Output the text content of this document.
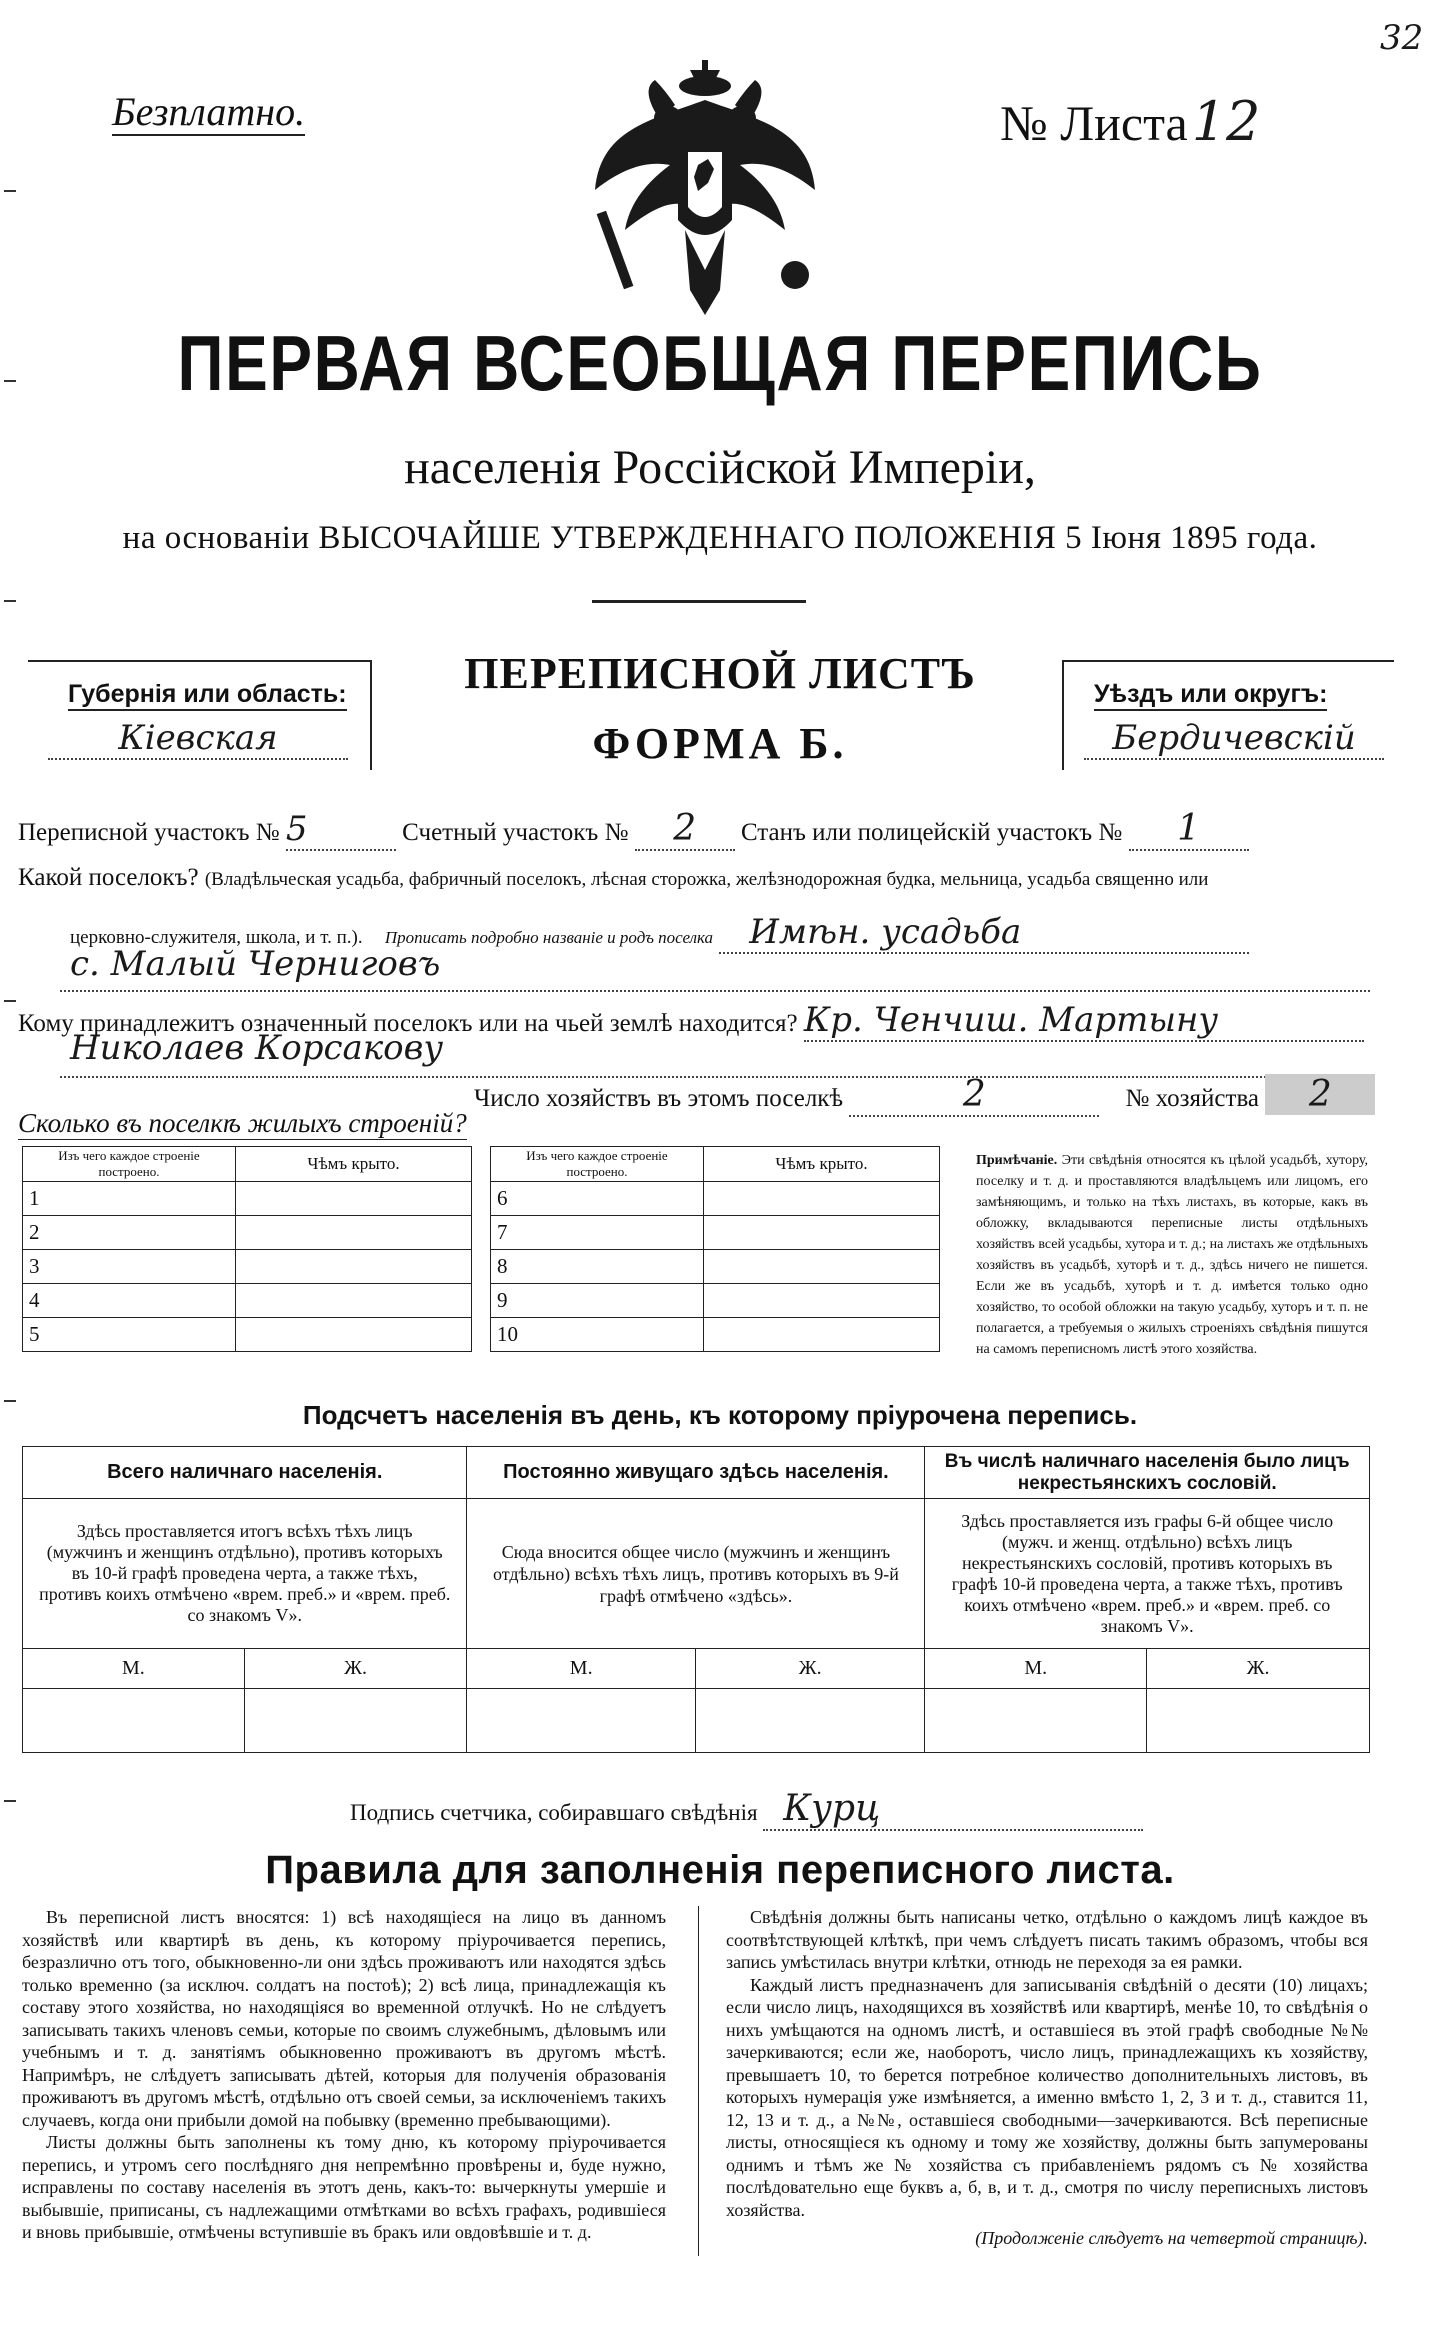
Безплатно.	№ Листа12
32
ПЕРВАЯ ВСЕОБЩАЯ ПЕРЕПИСЬ
населенія Россійской Имперіи,
на основаніи ВЫСОЧАЙШЕ УТВЕРЖДЕННАГО ПОЛОЖЕНІЯ 5 Іюня 1895 года.
Губернія или область:
Кіевская
ПЕРЕПИСНОЙ ЛИСТЪ
ФОРМА Б.
Уѣздъ или округъ:
Бердичевскій
Переписной участокъ № 5	Счетный участокъ № 2 Станъ или полицейскій участокъ № 1
Какой поселокъ? (Владѣльческая усадьба, фабричный поселокъ, лѣсная сторожка, желѣзнодорожная будка, мельница, усадьба священно или
церковно-служителя, школа, и т. п.). Прописать подробно названіе и родъ поселка Имѣн. усадьба
с. Малый Черниговъ
Кому принадлежитъ означенный поселокъ или на чьей землѣ находится? Кр. Ченчиш. Мартыну
Николаев Корсакову
Число хозяйствъ въ этомъ поселкѣ	2	№ хозяйства 2
Сколько въ поселкѣ жилыхъ строеній?
Изъ чего каждое строеніе построено.	Чѣмъ крыто.
1	
2	
3	
4	
5	
Изъ чего каждое строеніе построено.	Чѣмъ крыто.
6	
7	
8	
9	
10	
Примѣчаніе. Эти свѣдѣнія относятся къ цѣлой усадьбѣ, хутору, поселку и т. д. и проставляются владѣльцемъ или лицомъ, его замѣняющимъ, и только на тѣхъ листахъ, въ которые, какъ въ обложку, вкладываются переписные листы отдѣльныхъ хозяйствъ всей усадьбы, хутора и т. д.; на листахъ же отдѣльныхъ хозяйствъ въ усадьбѣ, хуторѣ и т. д., здѣсь ничего не пишется. Если же въ усадьбѣ, хуторѣ и т. д. имѣется только одно хозяйство, то особой обложки на такую усадьбу, хуторъ и т. п. не полагается, а требуемыя о жилыхъ строеніяхъ свѣдѣнія пишутся на самомъ переписномъ листѣ этого хозяйства.
Подсчетъ населенія въ день, къ которому пріурочена перепись.
Всего наличнаго населенія.		Постоянно живущаго здѣсь населенія.		Въ числѣ наличнаго населенія было лицъ некрестьянскихъ сословій.	
Здѣсь проставляется итогъ всѣхъ тѣхъ лицъ (мужчинъ и женщинъ отдѣльно), противъ которыхъ въ 10-й графѣ проведена черта, а также тѣхъ, противъ коихъ отмѣчено «врем. преб.» и «врем. преб. со знакомъ V».		Сюда вносится общее число (мужчинъ и женщинъ отдѣльно) всѣхъ тѣхъ лицъ, противъ которыхъ въ 9-й графѣ отмѣчено «здѣсь».		Здѣсь проставляется изъ графы 6-й общее число (мужч. и женщ. отдѣльно) всѣхъ лицъ некрестьянскихъ сословій, противъ которыхъ въ графѣ 10-й проведена черта, а также тѣхъ, противъ коихъ отмѣчено «врем. преб.» и «врем. преб. со знакомъ V».	
М.	Ж.	М.	Ж.	М.	Ж.

Подпись счетчика, собиравшаго свѣдѣнія Курц
Правила для заполненія переписного листа.
Въ переписной листъ вносятся: 1) всѣ находящіеся на лицо въ данномъ хозяйствѣ или квартирѣ въ день, къ которому пріурочивается перепись, безразлично отъ того, обыкновенно-ли они здѣсь проживаютъ или находятся здѣсь только временно (за исключ. солдатъ на постоѣ); 2) всѣ лица, принадлежащія къ составу этого хозяйства, но находящіяся во временной отлучкѣ. Но не слѣдуетъ записывать такихъ членовъ семьи, которые по своимъ служебнымъ, дѣловымъ или учебнымъ и т. д. занятіямъ обыкновенно проживаютъ въ другомъ мѣстѣ. Напримѣръ, не слѣдуетъ записывать дѣтей, которыя для полученія образованія проживаютъ въ другомъ мѣстѣ, отдѣльно отъ своей семьи, за исключеніемъ такихъ случаевъ, когда они прибыли домой на побывку (временно пребывающими).
Листы должны быть заполнены къ тому дню, къ которому пріурочивается перепись, и утромъ сего послѣдняго дня непремѣнно провѣрены и, буде нужно, исправлены по составу населенія въ этотъ день, какъ-то: вычеркнуты умершіе и выбывшіе, приписаны, съ надлежащими отмѣтками во всѣхъ графахъ, родившіеся и вновь прибывшіе, отмѣчены вступившіе въ бракъ или овдовѣвшіе и т. д.
Свѣдѣнія должны быть написаны четко, отдѣльно о каждомъ лицѣ каждое въ соотвѣтствующей клѣткѣ, при чемъ слѣдуетъ писать такимъ образомъ, чтобы вся запись умѣстилась внутри клѣтки, отнюдь не переходя за ея рамки.
Каждый листъ предназначенъ для записыванія свѣдѣній о десяти (10) лицахъ; если число лицъ, находящихся въ хозяйствѣ или квартирѣ, менѣе 10, то свѣдѣнія о нихъ умѣщаются на одномъ листѣ, и оставшіеся въ этой графѣ свободные №№ зачеркиваются; если же, наоборотъ, число лицъ, принадлежащихъ къ хозяйству, превышаетъ 10, то берется потребное количество дополнительныхъ листовъ, въ которыхъ нумерація уже измѣняется, а именно вмѣсто 1, 2, 3 и т. д., ставится 11, 12, 13 и т. д., а №№, оставшіеся свободными—зачеркиваются. Всѣ переписные листы, относящіеся къ одному и тому же хозяйству, должны быть запумерованы однимъ и тѣмъ же № хозяйства съ прибавленіемъ рядомъ съ № хозяйства послѣдовательно еще буквъ а, б, в, и т. д., смотря по числу переписныхъ листовъ хозяйства.
(Продолженіе слѣдуетъ на четвертой страницѣ).
